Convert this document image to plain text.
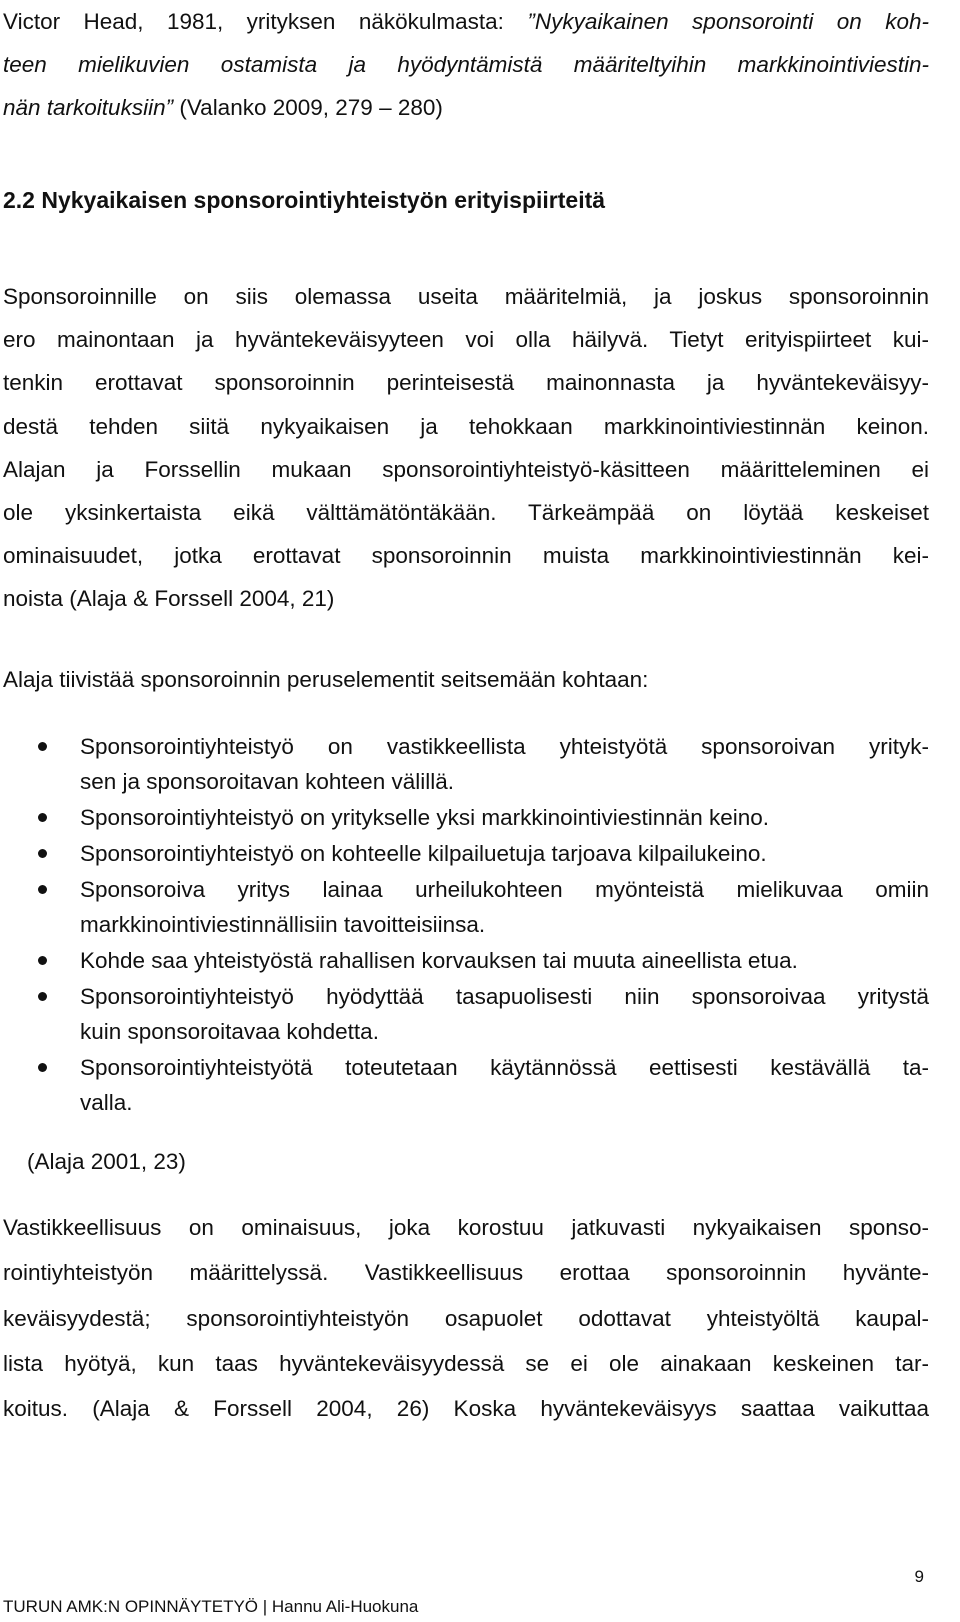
Victor Head, 1981, yrityksen näkökulmasta: ”Nykyaikainen sponsorointi on koh-
teen mielikuvien ostamista ja hyödyntämistä määriteltyihin markkinointiviestin-
nän tarkoituksiin” (Valanko 2009, 279 – 280)

2.2 Nykyaikaisen sponsorointiyhteistyön erityispiirteitä

Sponsoroinnille on siis olemassa useita määritelmiä, ja joskus sponsoroinnin
ero mainontaan ja hyväntekeväisyyteen voi olla häilyvä. Tietyt erityispiirteet kui-
tenkin erottavat sponsoroinnin perinteisestä mainonnasta ja hyväntekeväisyy-
destä tehden siitä nykyaikaisen ja tehokkaan markkinointiviestinnän keinon.
Alajan ja Forssellin mukaan sponsorointiyhteistyö-käsitteen määritteleminen ei
ole yksinkertaista eikä välttämätöntäkään. Tärkeämpää on löytää keskeiset
ominaisuudet, jotka erottavat sponsoroinnin muista markkinointiviestinnän kei-
noista (Alaja & Forssell 2004, 21)

Alaja tiivistää sponsoroinnin peruselementit seitsemään kohtaan:

Sponsorointiyhteistyö on vastikkeellista yhteistyötä sponsoroivan yrityk-
sen ja sponsoroitavan kohteen välillä.
Sponsorointiyhteistyö on yritykselle yksi markkinointiviestinnän keino.
Sponsorointiyhteistyö on kohteelle kilpailuetuja tarjoava kilpailukeino.
Sponsoroiva yritys lainaa urheilukohteen myönteistä mielikuvaa omiin
markkinointiviestinnällisiin tavoitteisiinsa.
Kohde saa yhteistyöstä rahallisen korvauksen tai muuta aineellista etua.
Sponsorointiyhteistyö hyödyttää tasapuolisesti niin sponsoroivaa yritystä
kuin sponsoroitavaa kohdetta.
Sponsorointiyhteistyötä toteutetaan käytännössä eettisesti kestävällä ta-
valla.

(Alaja 2001, 23)

Vastikkeellisuus on ominaisuus, joka korostuu jatkuvasti nykyaikaisen sponso-
rointiyhteistyön määrittelyssä. Vastikkeellisuus erottaa sponsoroinnin hyvänte-
keväisyydestä; sponsorointiyhteistyön osapuolet odottavat yhteistyöltä kaupal-
lista hyötyä, kun taas hyväntekeväisyydessä se ei ole ainakaan keskeinen tar-
koitus. (Alaja & Forssell 2004, 26) Koska hyväntekeväisyys saattaa vaikuttaa

9

TURUN AMK:N OPINNÄYTETYÖ | Hannu Ali-Huokuna
